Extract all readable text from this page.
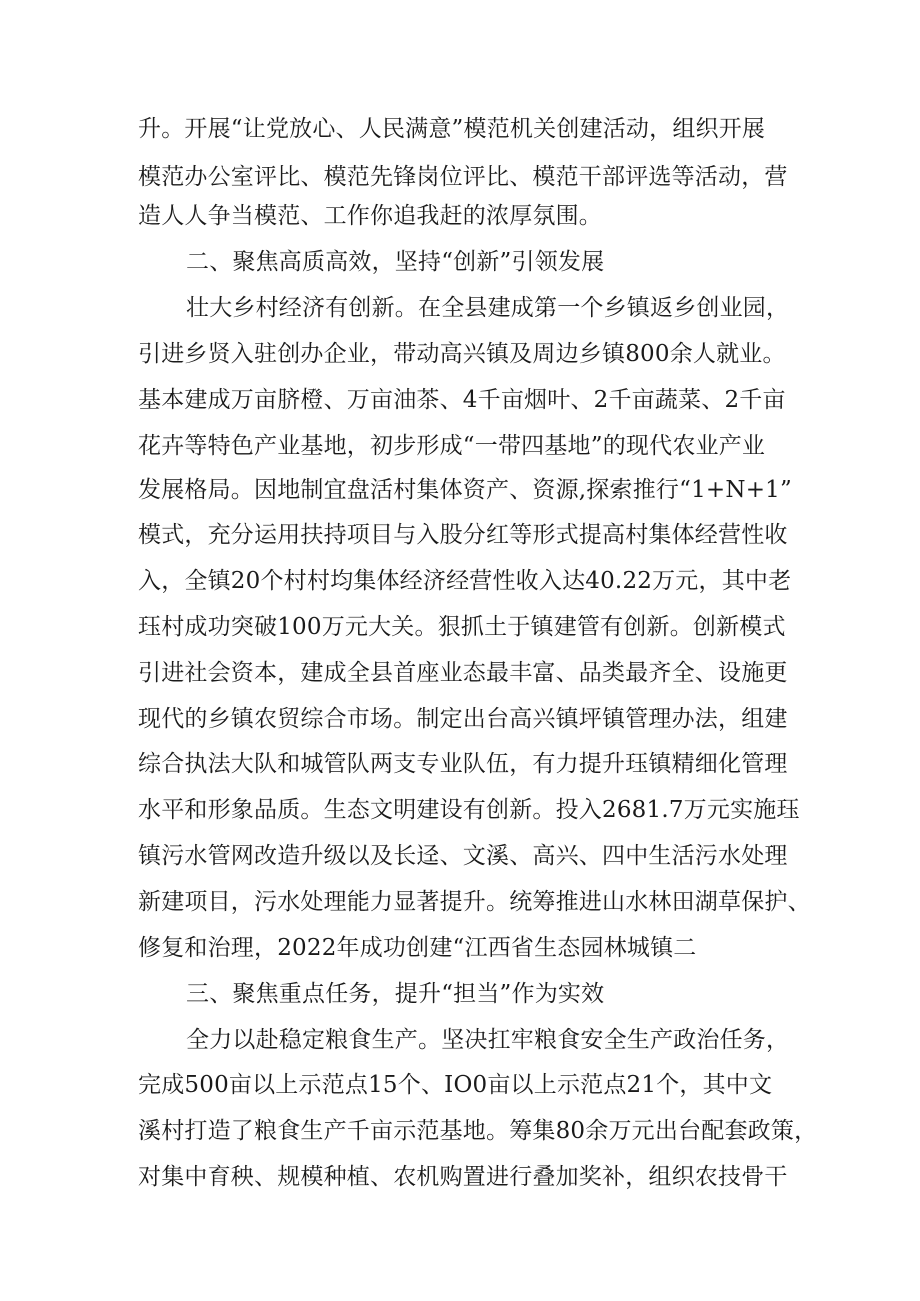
升。开展“让党放心、人民满意”模范机关创建活动，组织开展
模范办公室评比、模范先锋岗位评比、模范干部评选等活动，营
造人人争当模范、工作你追我赶的浓厚氛围。
二、聚焦高质高效，坚持“创新”引领发展
壮大乡村经济有创新。在全县建成第一个乡镇返乡创业园，
引进乡贤入驻创办企业，带动高兴镇及周边乡镇800余人就业。
基本建成万亩脐橙、万亩油茶、4千亩烟叶、2千亩蔬菜、2千亩
花卉等特色产业基地，初步形成“一带四基地”的现代农业产业
发展格局。因地制宜盘活村集体资产、资源,探索推行“1+N+1”
模式，充分运用扶持项目与入股分红等形式提高村集体经营性收
入，全镇20个村村均集体经济经营性收入达40.22万元，其中老
珏村成功突破100万元大关。狠抓土于镇建管有创新。创新模式
引进社会资本，建成全县首座业态最丰富、品类最齐全、设施更
现代的乡镇农贸综合市场。制定出台高兴镇坪镇管理办法，组建
综合执法大队和城管队两支专业队伍，有力提升珏镇精细化管理
水平和形象品质。生态文明建设有创新。投入2681.7万元实施珏
镇污水管网改造升级以及长迳、文溪、高兴、四中生活污水处理
新建项目，污水处理能力显著提升。统筹推进山水林田湖草保护、
修复和治理，2022年成功创建“江西省生态园林城镇二
三、聚焦重点任务，提升“担当”作为实效
全力以赴稳定粮食生产。坚决扛牢粮食安全生产政治任务，
完成500亩以上示范点15个、IO0亩以上示范点21个，其中文
溪村打造了粮食生产千亩示范基地。筹集80余万元出台配套政策，
对集中育秧、规模种植、农机购置进行叠加奖补，组织农技骨干
